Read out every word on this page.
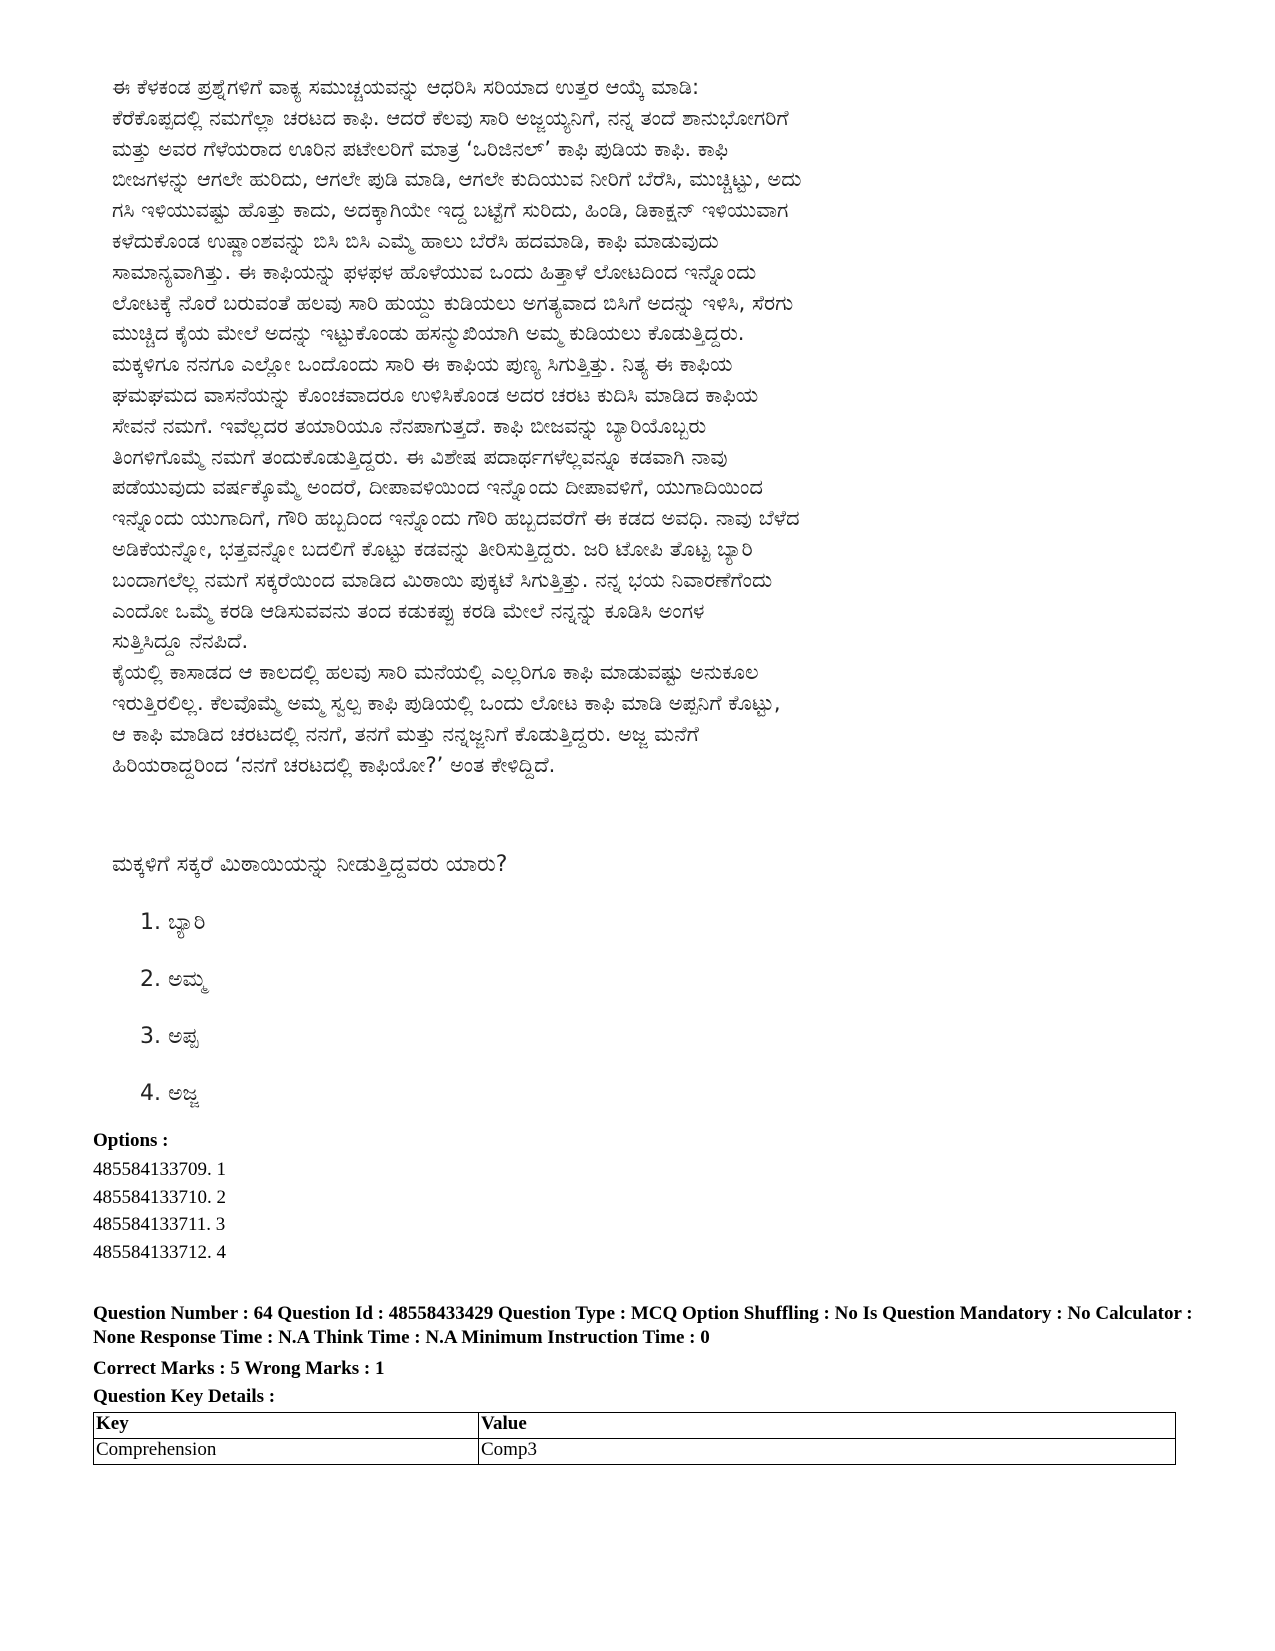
ಈ ಕೆಳಕಂಡ ಪ್ರಶ್ನೆಗಳಿಗೆ ವಾಕ್ಯ ಸಮುಚ್ಚಯವನ್ನು ಆಧರಿಸಿ ಸರಿಯಾದ ಉತ್ತರ ಆಯ್ಕೆ ಮಾಡಿ:
ಕೆರೆಕೊಪ್ಪದಲ್ಲಿ ನಮಗೆಲ್ಲಾ ಚರಟದ ಕಾಫಿ. ಆದರೆ ಕೆಲವು ಸಾರಿ ಅಜ್ಜಯ್ಯನಿಗೆ, ನನ್ನ ತಂದೆ ಶಾನುಭೋಗರಿಗೆ
ಮತ್ತು ಅವರ ಗೆಳೆಯರಾದ ಊರಿನ ಪಟೇಲರಿಗೆ ಮಾತ್ರ ‘ಒರಿಜಿನಲ್’ ಕಾಫಿ ಪುಡಿಯ ಕಾಫಿ. ಕಾಫಿ
ಬೀಜಗಳನ್ನು ಆಗಲೇ ಹುರಿದು, ಆಗಲೇ ಪುಡಿ ಮಾಡಿ, ಆಗಲೇ ಕುದಿಯುವ ನೀರಿಗೆ ಬೆರೆಸಿ, ಮುಚ್ಚಿಟ್ಟು, ಅದು
ಗಸಿ ಇಳಿಯುವಷ್ಟು ಹೊತ್ತು ಕಾದು, ಅದಕ್ಕಾಗಿಯೇ ಇದ್ದ ಬಟ್ಟೆಗೆ ಸುರಿದು, ಹಿಂಡಿ, ಡಿಕಾಕ್ಷನ್ ಇಳಿಯುವಾಗ
ಕಳೆದುಕೊಂಡ ಉಷ್ಣಾಂಶವನ್ನು ಬಿಸಿ ಬಿಸಿ ಎಮ್ಮೆ ಹಾಲು ಬೆರೆಸಿ ಹದಮಾಡಿ, ಕಾಫಿ ಮಾಡುವುದು
ಸಾಮಾನ್ಯವಾಗಿತ್ತು. ಈ ಕಾಫಿಯನ್ನು ಫಳಫಳ ಹೊಳೆಯುವ ಒಂದು ಹಿತ್ತಾಳೆ ಲೋಟದಿಂದ ಇನ್ನೊಂದು
ಲೋಟಕ್ಕೆ ನೊರೆ ಬರುವಂತೆ ಹಲವು ಸಾರಿ ಹುಯ್ದು ಕುಡಿಯಲು ಅಗತ್ಯವಾದ ಬಿಸಿಗೆ ಅದನ್ನು ಇಳಿಸಿ, ಸೆರಗು
ಮುಚ್ಚಿದ ಕೈಯ ಮೇಲೆ ಅದನ್ನು ಇಟ್ಟುಕೊಂಡು ಹಸನ್ಮುಖಿಯಾಗಿ ಅಮ್ಮ ಕುಡಿಯಲು ಕೊಡುತ್ತಿದ್ದರು.
ಮಕ್ಕಳಿಗೂ ನನಗೂ ಎಲ್ಲೋ ಒಂದೊಂದು ಸಾರಿ ಈ ಕಾಫಿಯ ಪುಣ್ಯ ಸಿಗುತ್ತಿತ್ತು. ನಿತ್ಯ ಈ ಕಾಫಿಯ
ಘಮಘಮದ ವಾಸನೆಯನ್ನು ಕೊಂಚವಾದರೂ ಉಳಿಸಿಕೊಂಡ ಅದರ ಚರಟ ಕುದಿಸಿ ಮಾಡಿದ ಕಾಫಿಯ
ಸೇವನೆ ನಮಗೆ. ಇವೆಲ್ಲದರ ತಯಾರಿಯೂ ನೆನಪಾಗುತ್ತದೆ. ಕಾಫಿ ಬೀಜವನ್ನು ಬ್ಯಾರಿಯೊಬ್ಬರು
ತಿಂಗಳಿಗೊಮ್ಮೆ ನಮಗೆ ತಂದುಕೊಡುತ್ತಿದ್ದರು. ಈ ವಿಶೇಷ ಪದಾರ್ಥಗಳೆಲ್ಲವನ್ನೂ ಕಡವಾಗಿ ನಾವು
ಪಡೆಯುವುದು ವರ್ಷಕ್ಕೊಮ್ಮೆ ಅಂದರೆ, ದೀಪಾವಳಿಯಿಂದ ಇನ್ನೊಂದು ದೀಪಾವಳಿಗೆ, ಯುಗಾದಿಯಿಂದ
ಇನ್ನೊಂದು ಯುಗಾದಿಗೆ, ಗೌರಿ ಹಬ್ಬದಿಂದ ಇನ್ನೊಂದು ಗೌರಿ ಹಬ್ಬದವರೆಗೆ ಈ ಕಡದ ಅವಧಿ. ನಾವು ಬೆಳೆದ
ಅಡಿಕೆಯನ್ನೋ, ಭತ್ತವನ್ನೋ ಬದಲಿಗೆ ಕೊಟ್ಟು ಕಡವನ್ನು ತೀರಿಸುತ್ತಿದ್ದರು. ಜರಿ ಟೋಪಿ ತೊಟ್ಟ ಬ್ಯಾರಿ
ಬಂದಾಗಲೆಲ್ಲ ನಮಗೆ ಸಕ್ಕರೆಯಿಂದ ಮಾಡಿದ ಮಿಠಾಯಿ ಪುಕ್ಕಟೆ ಸಿಗುತ್ತಿತ್ತು. ನನ್ನ ಭಯ ನಿವಾರಣೆಗೆಂದು
ಎಂದೋ ಒಮ್ಮೆ ಕರಡಿ ಆಡಿಸುವವನು ತಂದ ಕಡುಕಪ್ಪು ಕರಡಿ ಮೇಲೆ ನನ್ನನ್ನು ಕೂಡಿಸಿ ಅಂಗಳ
ಸುತ್ತಿಸಿದ್ದೂ ನೆನಪಿದೆ.
ಕೈಯಲ್ಲಿ ಕಾಸಾಡದ ಆ ಕಾಲದಲ್ಲಿ ಹಲವು ಸಾರಿ ಮನೆಯಲ್ಲಿ ಎಲ್ಲರಿಗೂ ಕಾಫಿ ಮಾಡುವಷ್ಟು ಅನುಕೂಲ
ಇರುತ್ತಿರಲಿಲ್ಲ. ಕೆಲವೊಮ್ಮೆ ಅಮ್ಮ ಸ್ವಲ್ಪ ಕಾಫಿ ಪುಡಿಯಲ್ಲಿ ಒಂದು ಲೋಟ ಕಾಫಿ ಮಾಡಿ ಅಪ್ಪನಿಗೆ ಕೊಟ್ಟು,
ಆ ಕಾಫಿ ಮಾಡಿದ ಚರಟದಲ್ಲಿ ನನಗೆ, ತನಗೆ ಮತ್ತು ನನ್ನಜ್ಜನಿಗೆ ಕೊಡುತ್ತಿದ್ದರು. ಅಜ್ಜ ಮನೆಗೆ
ಹಿರಿಯರಾದ್ದರಿಂದ ‘ನನಗೆ ಚರಟದಲ್ಲಿ ಕಾಫಿಯೋ?’ ಅಂತ ಕೇಳಿದ್ದಿದೆ.
ಮಕ್ಕಳಿಗೆ ಸಕ್ಕರೆ ಮಿಠಾಯಿಯನ್ನು ನೀಡುತ್ತಿದ್ದವರು ಯಾರು?
1. ಬ್ಯಾರಿ
2. ಅಮ್ಮ
3. ಅಪ್ಪ
4. ಅಜ್ಜ
Options :
485584133709. 1
485584133710. 2
485584133711. 3
485584133712. 4
Question Number : 64 Question Id : 48558433429 Question Type : MCQ Option Shuffling : No Is Question Mandatory : No Calculator : None Response Time : N.A Think Time : N.A Minimum Instruction Time : 0
Correct Marks : 5 Wrong Marks : 1
Question Key Details :
Key	Value
Comprehension	Comp3
